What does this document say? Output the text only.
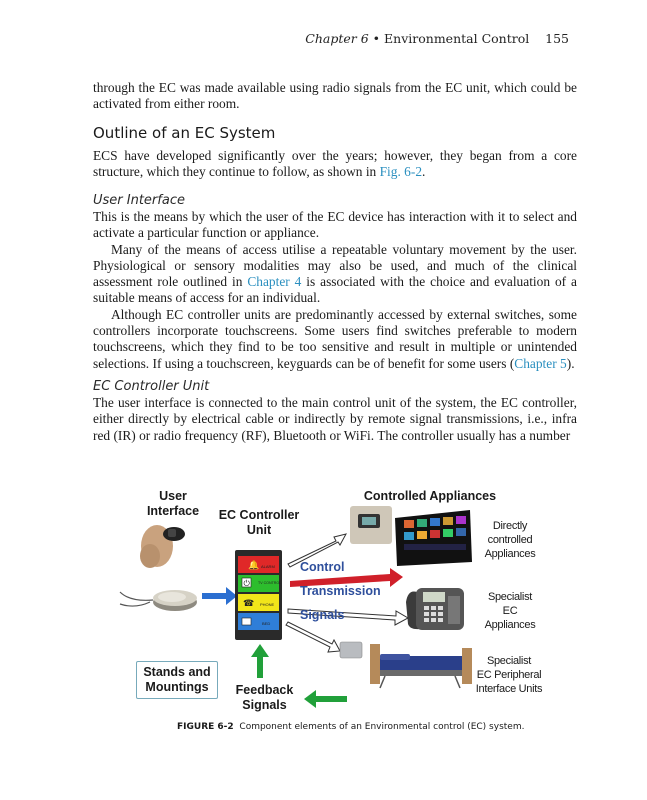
Chapter 6 • Environmental Control 155

through the EC was made available using radio signals from the EC unit, which could be activated from either room.

Outline of an EC System

ECS have developed significantly over the years; however, they began from a core structure, which they continue to follow, as shown in Fig. 6-2.

User Interface

This is the means by which the user of the EC device has interaction with it to select and activate a particular function or appliance.

Many of the means of access utilise a repeatable voluntary movement by the user. Physiological or sensory modalities may also be used, and much of the clinical assessment role outlined in Chapter 4 is associated with the choice and evaluation of a suitable means of access for an individual.

Although EC controller units are predominantly accessed by external switches, some controllers incorporate touchscreens. Some users find switches preferable to modern touchscreens, which they find to be too sensitive and result in multiple or unintended selections. If using a touchscreen, keyguards can be of benefit for some users (Chapter 5).

EC Controller Unit

The user interface is connected to the main control unit of the system, the EC controller, either directly by electrical cable or indirectly by remote signal transmissions, i.e., infra red (IR) or radio frequency (RF), Bluetooth or WiFi. The controller usually has a number

🔔 ALARM
⏻ TV CONTROL
☎ PHONE
BED
Control
Transmission
Signals
User
Interface	EC Controller
Unit
Controlled Appliances
Directly
controlled
Appliances
Specialist
EC
Appliances
Specialist
EC Peripheral
Interface Units
Stands and
Mountings	Feedback
Signals
FIGURE 6-2 Component elements of an Environmental control (EC) system.
